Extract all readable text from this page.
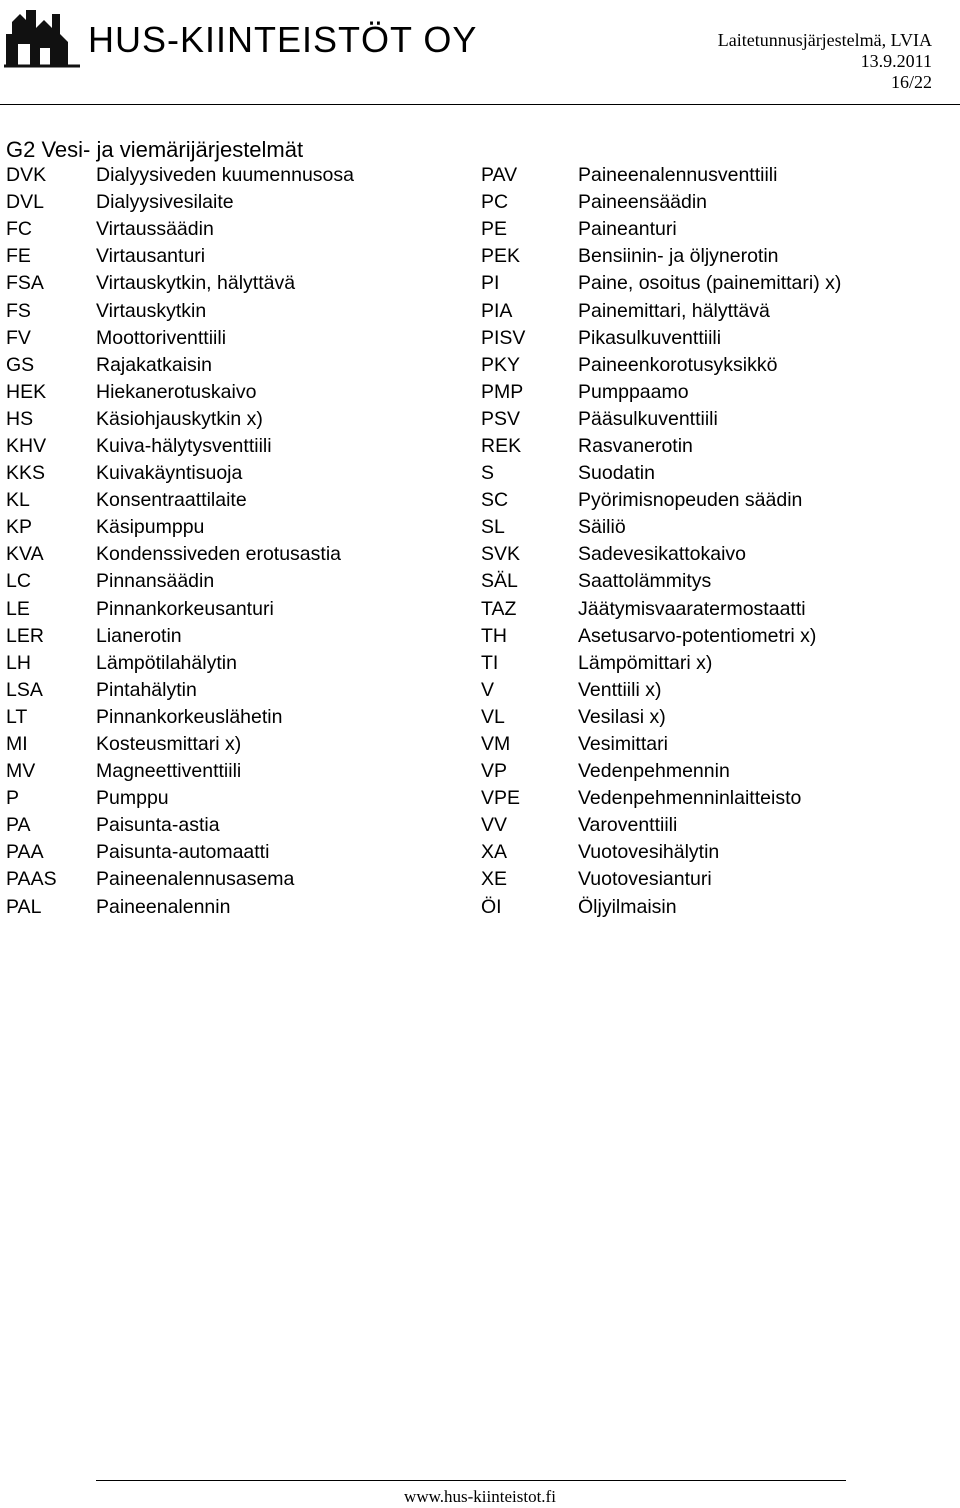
HUS-KIINTEISTÖT OY	Laitetunnusjärjestelmä, LVIA
13.9.2011
16/22
G2 Vesi- ja viemärijärjestelmät
DVK	Dialyysiveden kuumennusosa
DVL	Dialyysivesilaite
FC	Virtaussäädin
FE	Virtausanturi
FSA	Virtauskytkin, hälyttävä
FS	Virtauskytkin
FV	Moottoriventtiili
GS	Rajakatkaisin
HEK	Hiekanerotuskaivo
HS	Käsiohjauskytkin x)
KHV	Kuiva-hälytysventtiili
KKS	Kuivakäyntisuoja
KL	Konsentraattilaite
KP	Käsipumppu
KVA	Kondenssiveden erotusastia
LC	Pinnansäädin
LE	Pinnankorkeusanturi
LER	Lianerotin
LH	Lämpötilahälytin
LSA	Pintahälytin
LT	Pinnankorkeuslähetin
MI	Kosteusmittari x)
MV	Magneettiventtiili
P	Pumppu
PA	Paisunta-astia
PAA	Paisunta-automaatti
PAAS	Paineenalennusasema
PAL	Paineenalennin
PAV	Paineenalennusventtiili
PC	Paineensäädin
PE	Paineanturi
PEK	Bensiinin- ja öljynerotin
PI	Paine, osoitus (painemittari) x)
PIA	Painemittari, hälyttävä
PISV	Pikasulkuventtiili
PKY	Paineenkorotusyksikkö
PMP	Pumppaamo
PSV	Pääsulkuventtiili
REK	Rasvanerotin
S	Suodatin
SC	Pyörimisnopeuden säädin
SL	Säiliö
SVK	Sadevesikattokaivo
SÄL	Saattolämmitys
TAZ	Jäätymisvaaratermostaatti
TH	Asetusarvo-potentiometri x)
TI	Lämpömittari x)
V	Venttiili x)
VL	Vesilasi x)
VM	Vesimittari
VP	Vedenpehmennin
VPE	Vedenpehmenninlaitteisto
VV	Varoventtiili
XA	Vuotovesihälytin
XE	Vuotovesianturi
ÖI	Öljyilmaisin
www.hus-kiinteistot.fi
